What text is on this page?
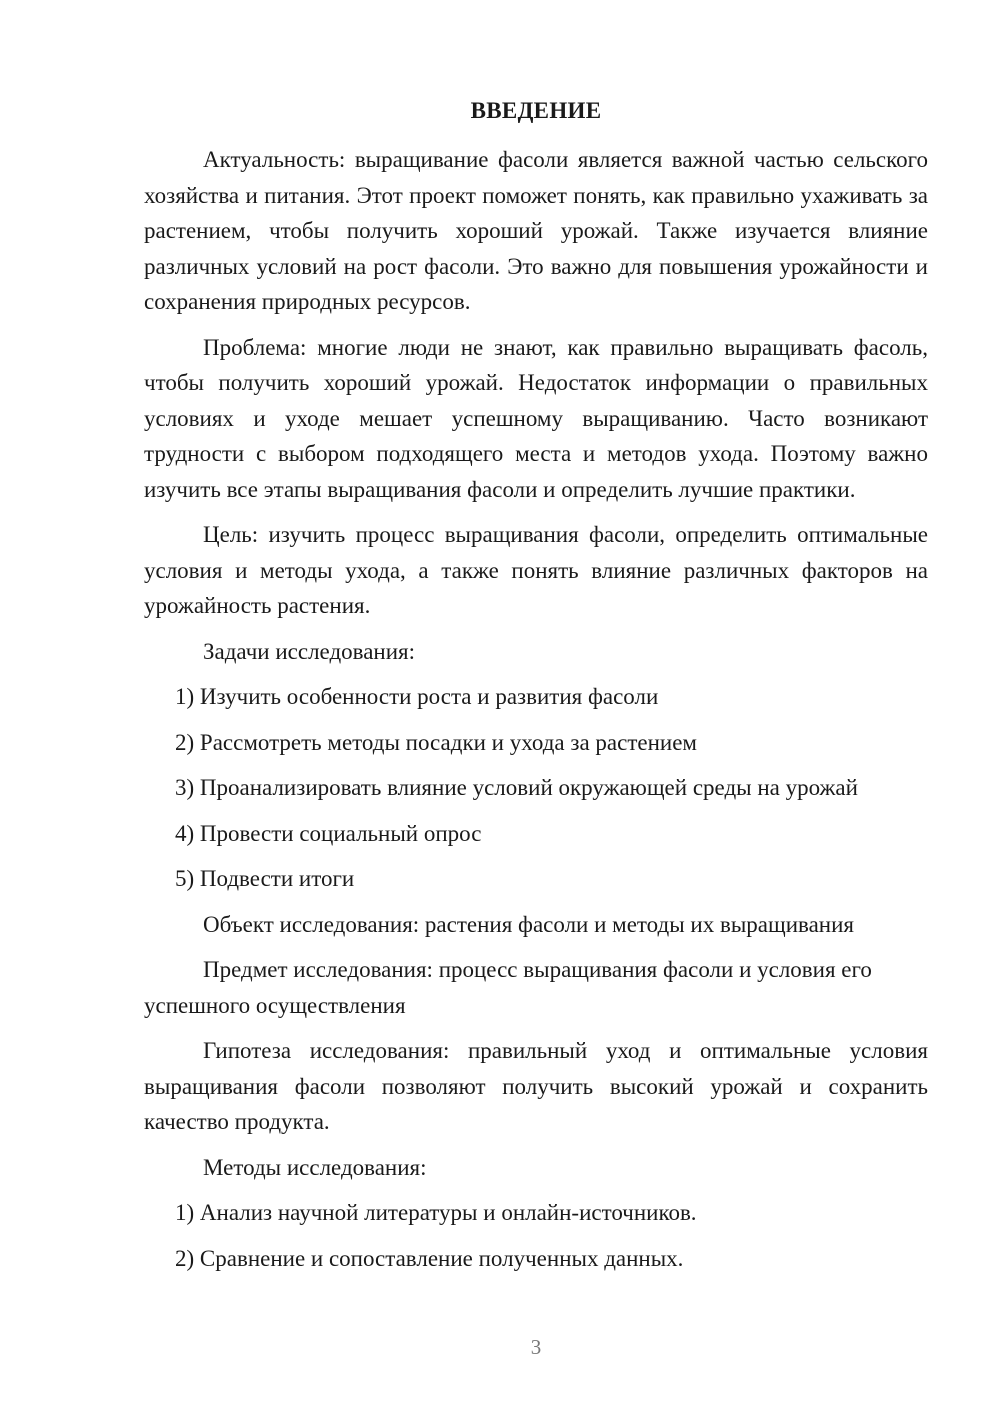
ВВЕДЕНИЕ

Актуальность: выращивание фасоли является важной частью сельского хозяйства и питания. Этот проект поможет понять, как правильно ухаживать за растением, чтобы получить хороший урожай. Также изучается влияние различных условий на рост фасоли. Это важно для повышения урожайности и сохранения природных ресурсов.

Проблема: многие люди не знают, как правильно выращивать фасоль, чтобы получить хороший урожай. Недостаток информации о правильных условиях и уходе мешает успешному выращиванию. Часто возникают трудности с выбором подходящего места и методов ухода. Поэтому важно изучить все этапы выращивания фасоли и определить лучшие практики.

Цель: изучить процесс выращивания фасоли, определить оптимальные условия и методы ухода, а также понять влияние различных факторов на урожайность растения.

Задачи исследования:

1) Изучить особенности роста и развития фасоли
2) Рассмотреть методы посадки и ухода за растением
3) Проанализировать влияние условий окружающей среды на урожай
4) Провести социальный опрос
5) Подвести итоги

Объект исследования: растения фасоли и методы их выращивания

Предмет исследования: процесс выращивания фасоли и условия его успешного осуществления

Гипотеза исследования: правильный уход и оптимальные условия выращивания фасоли позволяют получить высокий урожай и сохранить качество продукта.

Методы исследования:

1) Анализ научной литературы и онлайн-источников.
2) Сравнение и сопоставление полученных данных.
3
